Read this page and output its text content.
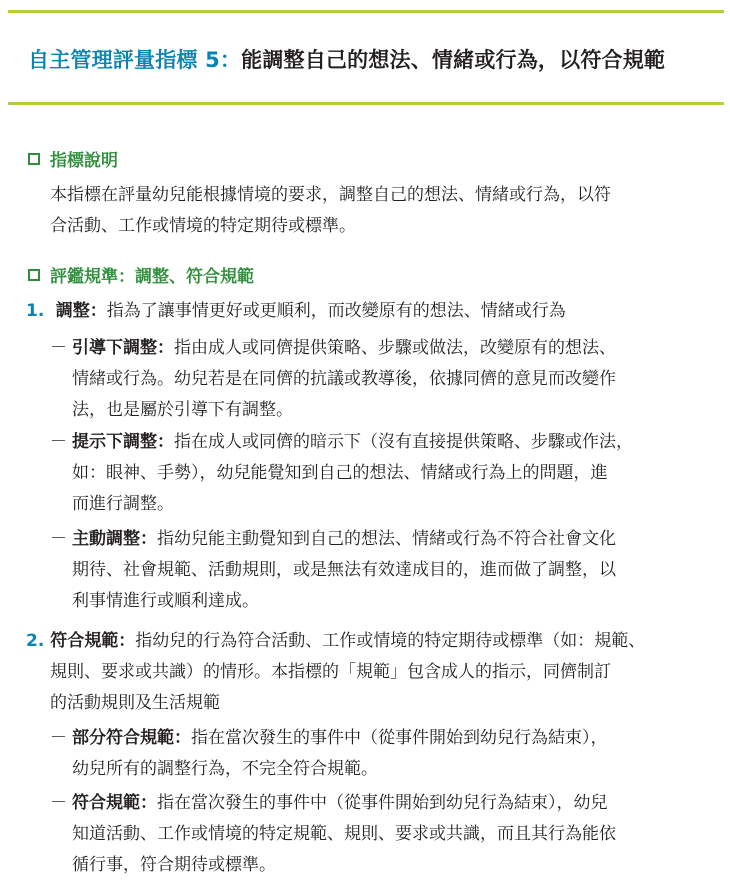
自主管理評量指標 5：能調整自己的想法、情緒或行為，以符合規範
指標說明
本指標在評量幼兒能根據情境的要求，調整自己的想法、情緒或行為，以符
合活動、工作或情境的特定期待或標準。
評鑑規準：調整、符合規範
1. 調整：指為了讓事情更好或更順利，而改變原有的想法、情緒或行為
－ 引導下調整：指由成人或同儕提供策略、步驟或做法，改變原有的想法、
情緒或行為。幼兒若是在同儕的抗議或教導後，依據同儕的意見而改變作
法，也是屬於引導下有調整。
－ 提示下調整：指在成人或同儕的暗示下（沒有直接提供策略、步驟或作法，
如：眼神、手勢），幼兒能覺知到自己的想法、情緒或行為上的問題，進
而進行調整。
－ 主動調整：指幼兒能主動覺知到自己的想法、情緒或行為不符合社會文化
期待、社會規範、活動規則，或是無法有效達成目的，進而做了調整，以
利事情進行或順利達成。
2. 符合規範：指幼兒的行為符合活動、工作或情境的特定期待或標準（如：規範、
規則、要求或共識）的情形。本指標的「規範」包含成人的指示，同儕制訂
的活動規則及生活規範
－ 部分符合規範：指在當次發生的事件中（從事件開始到幼兒行為結束），
幼兒所有的調整行為，不完全符合規範。
－ 符合規範：指在當次發生的事件中（從事件開始到幼兒行為結束），幼兒
知道活動、工作或情境的特定規範、規則、要求或共識，而且其行為能依
循行事，符合期待或標準。
